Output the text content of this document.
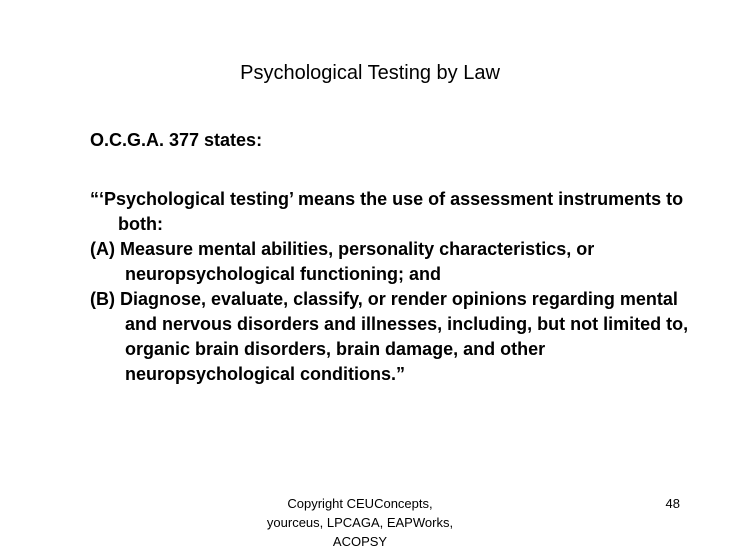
Psychological Testing by Law

O.C.G.A. 377 states:

“‘Psychological testing’ means the use of assessment instruments to both:

(A) Measure mental abilities, personality characteristics, or neuropsychological functioning; and

(B) Diagnose, evaluate, classify, or render opinions regarding mental and nervous disorders and illnesses, including, but not limited to, organic brain disorders, brain damage, and other neuropsychological conditions.”

Copyright CEUConcepts,
yourceus, LPCAGA, EAPWorks,
ACOPSY
48
